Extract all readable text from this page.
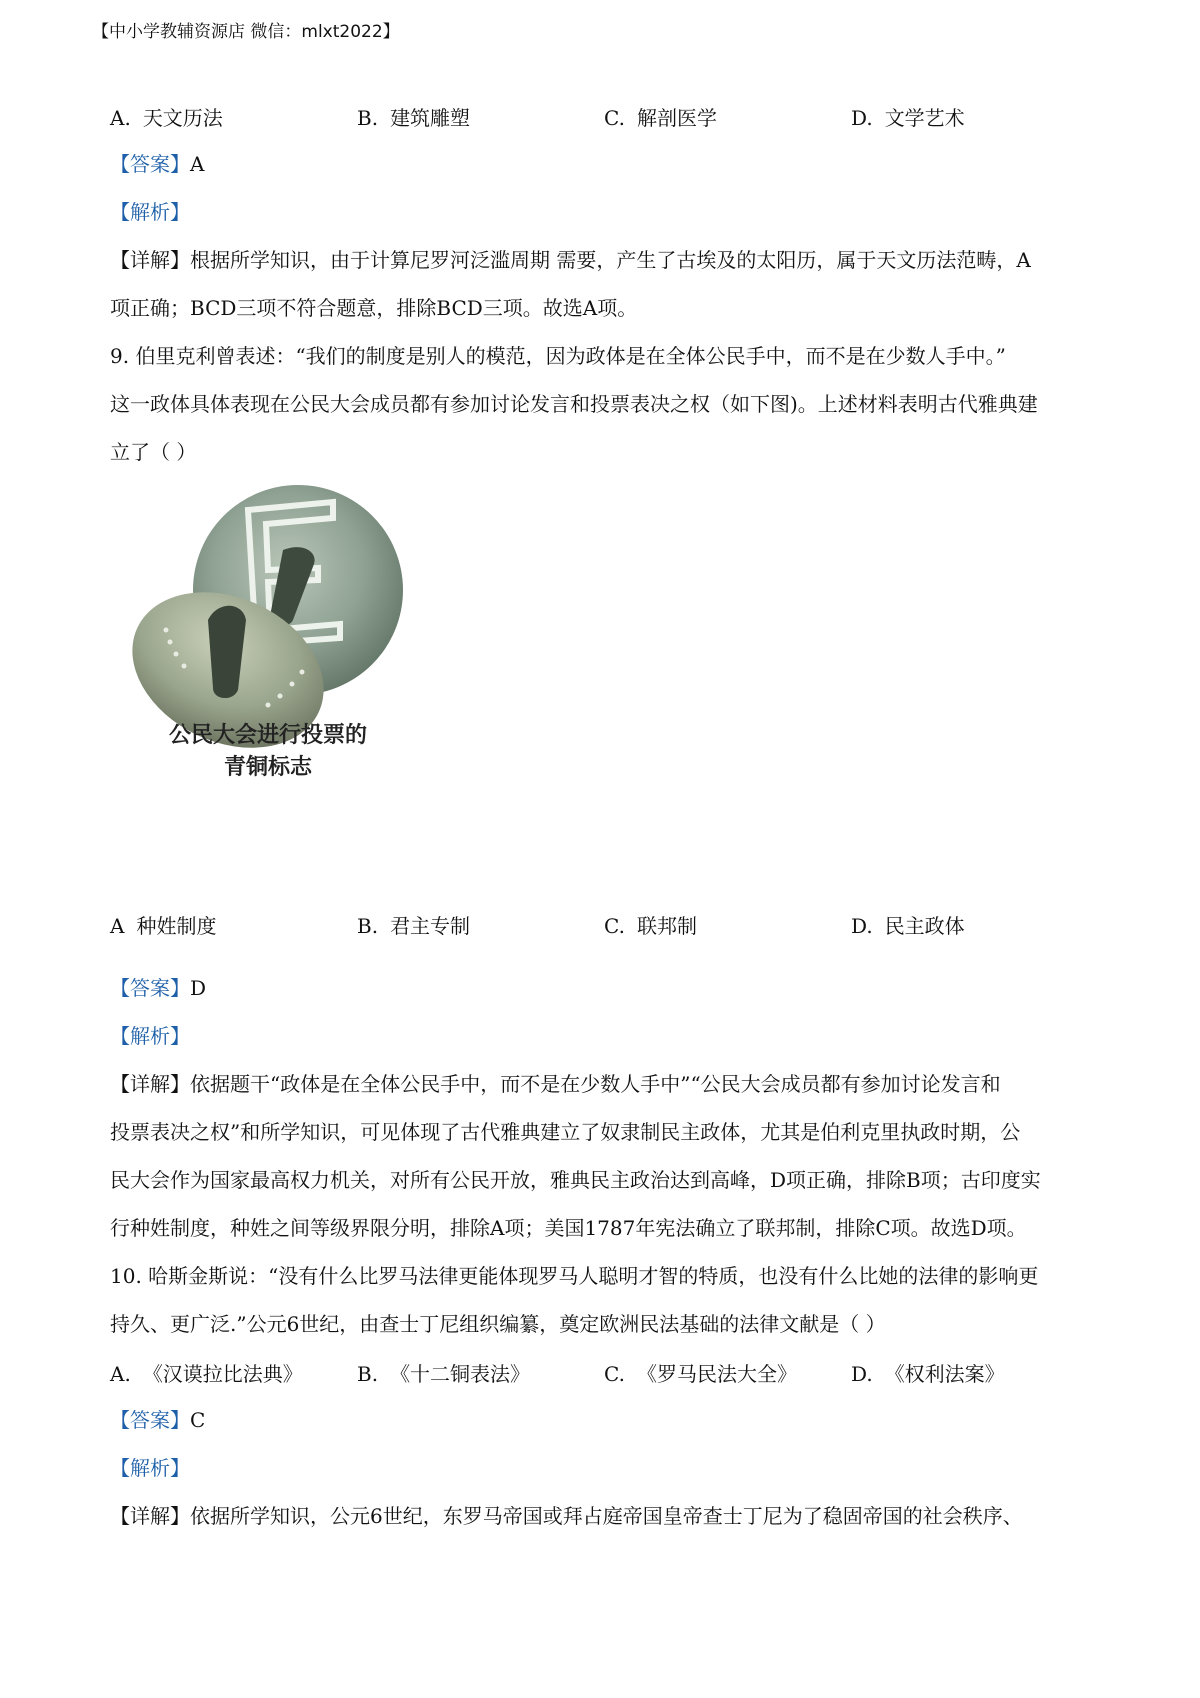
【中小学教辅资源店 微信：mlxt2022】
A. 天文历法	B. 建筑雕塑	C. 解剖医学	D. 文学艺术
【答案】A
【解析】
【详解】根据所学知识，由于计算尼罗河泛滥周期 需要，产生了古埃及的太阳历，属于天文历法范畴，A
项正确；BCD三项不符合题意，排除BCD三项。故选A项。
9. 伯里克利曾表述：“我们的制度是别人的模范，因为政体是在全体公民手中，而不是在少数人手中。”
这一政体具体表现在公民大会成员都有参加讨论发言和投票表决之权（如下图)。上述材料表明古代雅典建
立了（ ）
公民大会进行投票的
青铜标志
A 种姓制度	B. 君主专制	C. 联邦制	D. 民主政体
【答案】D
【解析】
【详解】依据题干“政体是在全体公民手中，而不是在少数人手中”“公民大会成员都有参加讨论发言和
投票表决之权”和所学知识，可见体现了古代雅典建立了奴隶制民主政体，尤其是伯利克里执政时期，公
民大会作为国家最高权力机关，对所有公民开放，雅典民主政治达到高峰，D项正确，排除B项；古印度实
行种姓制度，种姓之间等级界限分明，排除A项；美国1787年宪法确立了联邦制，排除C项。故选D项。
10. 哈斯金斯说：“没有什么比罗马法律更能体现罗马人聪明才智的特质，也没有什么比她的法律的影响更
持久、更广泛.”公元6世纪，由查士丁尼组织编纂，奠定欧洲民法基础的法律文献是（ ）
A. 《汉谟拉比法典》	B. 《十二铜表法》	C. 《罗马民法大全》	D. 《权利法案》
【答案】C
【解析】
【详解】依据所学知识，公元6世纪，东罗马帝国或拜占庭帝国皇帝查士丁尼为了稳固帝国的社会秩序、
